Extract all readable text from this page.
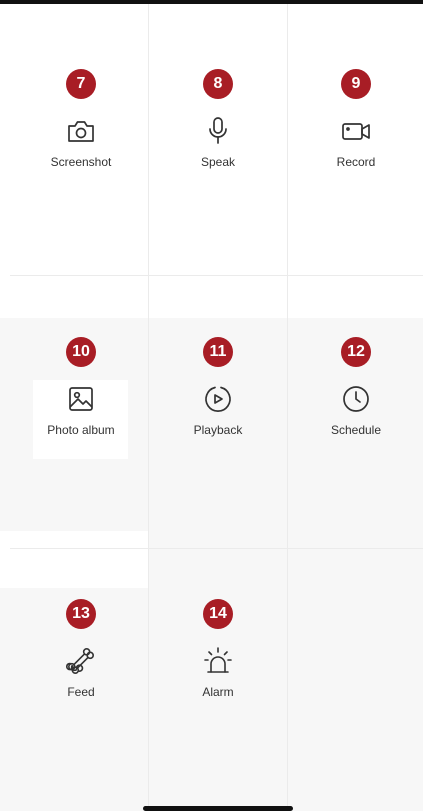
7
Screenshot
8
Speak
9
Record
10
Photo album
11
Playback
12
Schedule
13
Feed
14
Alarm
